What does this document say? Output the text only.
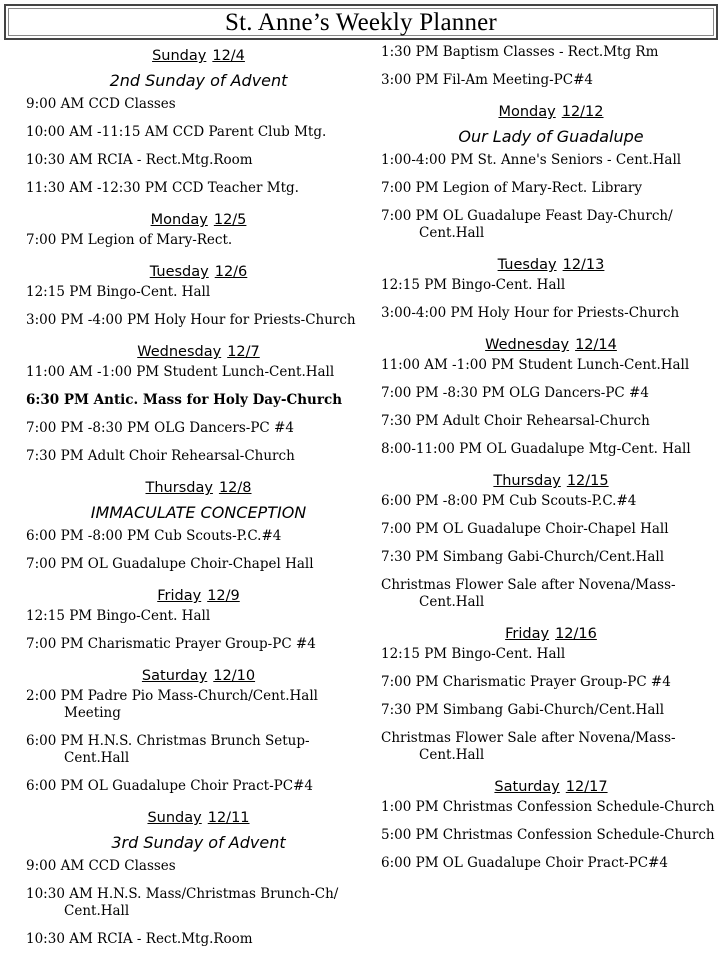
St. Anne’s Weekly Planner
Sunday 12/4
2nd Sunday of Advent
9:00 AM CCD Classes
10:00 AM -11:15 AM CCD Parent Club Mtg.
10:30 AM RCIA - Rect.Mtg.Room
11:30 AM -12:30 PM CCD Teacher Mtg.
Monday 12/5
7:00 PM Legion of Mary-Rect.
Tuesday 12/6
12:15 PM Bingo-Cent. Hall
3:00 PM -4:00 PM Holy Hour for Priests-Church
Wednesday 12/7
11:00 AM -1:00 PM Student Lunch-Cent.Hall
6:30 PM Antic. Mass for Holy Day-Church
7:00 PM -8:30 PM OLG Dancers-PC #4
7:30 PM Adult Choir Rehearsal-Church
Thursday 12/8
IMMACULATE CONCEPTION
6:00 PM -8:00 PM Cub Scouts-P.C.#4
7:00 PM OL Guadalupe Choir-Chapel Hall
Friday 12/9
12:15 PM Bingo-Cent. Hall
7:00 PM Charismatic Prayer Group-PC #4
Saturday 12/10
2:00 PM Padre Pio Mass-Church/Cent.Hall Meeting
6:00 PM H.N.S. Christmas Brunch Setup-Cent.Hall
6:00 PM OL Guadalupe Choir Pract-PC#4
Sunday 12/11
3rd Sunday of Advent
9:00 AM CCD Classes
10:30 AM H.N.S. Mass/Christmas Brunch-Ch/ Cent.Hall
10:30 AM RCIA - Rect.Mtg.Room
1:30 PM Baptism Classes - Rect.Mtg Rm
3:00 PM Fil-Am Meeting-PC#4
Monday 12/12
Our Lady of Guadalupe
1:00-4:00 PM St. Anne's Seniors - Cent.Hall
7:00 PM Legion of Mary-Rect. Library
7:00 PM OL Guadalupe Feast Day-Church/ Cent.Hall
Tuesday 12/13
12:15 PM Bingo-Cent. Hall
3:00-4:00 PM Holy Hour for Priests-Church
Wednesday 12/14
11:00 AM -1:00 PM Student Lunch-Cent.Hall
7:00 PM -8:30 PM OLG Dancers-PC #4
7:30 PM Adult Choir Rehearsal-Church
8:00-11:00 PM OL Guadalupe Mtg-Cent. Hall
Thursday 12/15
6:00 PM -8:00 PM Cub Scouts-P.C.#4
7:00 PM OL Guadalupe Choir-Chapel Hall
7:30 PM Simbang Gabi-Church/Cent.Hall
Christmas Flower Sale after Novena/Mass-Cent.Hall
Friday 12/16
12:15 PM Bingo-Cent. Hall
7:00 PM Charismatic Prayer Group-PC #4
7:30 PM Simbang Gabi-Church/Cent.Hall
Christmas Flower Sale after Novena/Mass-Cent.Hall
Saturday 12/17
1:00 PM Christmas Confession Schedule-Church
5:00 PM Christmas Confession Schedule-Church
6:00 PM OL Guadalupe Choir Pract-PC#4
